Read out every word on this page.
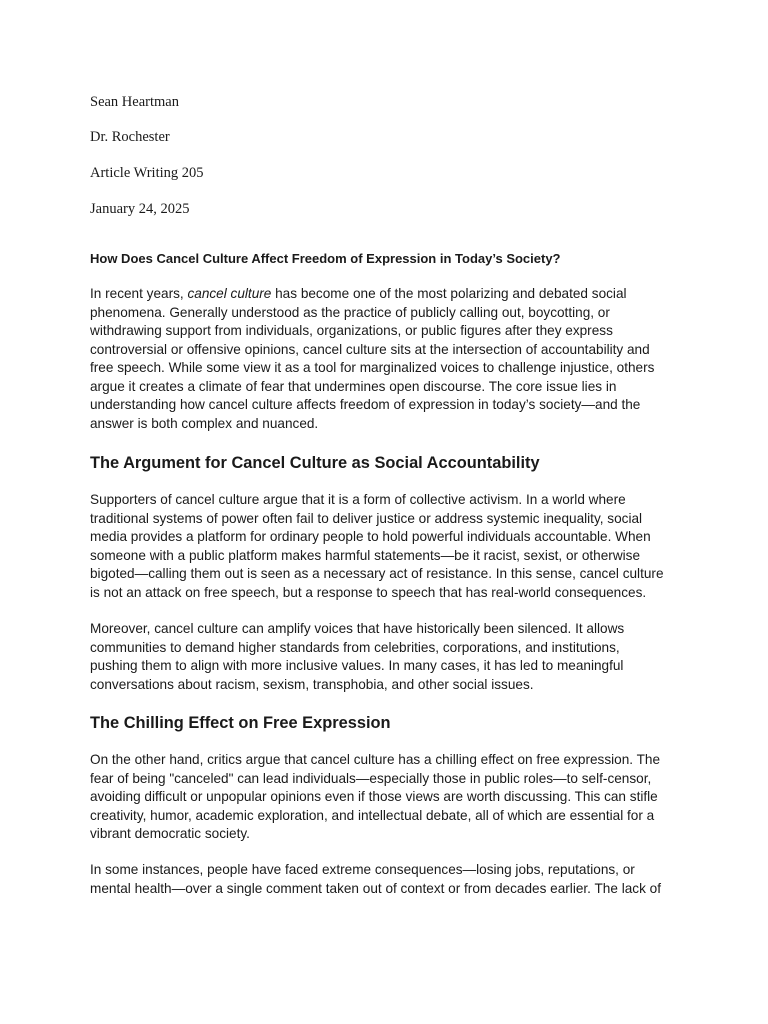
Sean Heartman
Dr. Rochester
Article Writing 205
January 24, 2025
How Does Cancel Culture Affect Freedom of Expression in Today’s Society?
In recent years, cancel culture has become one of the most polarizing and debated social
phenomena. Generally understood as the practice of publicly calling out, boycotting, or
withdrawing support from individuals, organizations, or public figures after they express
controversial or offensive opinions, cancel culture sits at the intersection of accountability and
free speech. While some view it as a tool for marginalized voices to challenge injustice, others
argue it creates a climate of fear that undermines open discourse. The core issue lies in
understanding how cancel culture affects freedom of expression in today’s society—and the
answer is both complex and nuanced.
The Argument for Cancel Culture as Social Accountability
Supporters of cancel culture argue that it is a form of collective activism. In a world where
traditional systems of power often fail to deliver justice or address systemic inequality, social
media provides a platform for ordinary people to hold powerful individuals accountable. When
someone with a public platform makes harmful statements—be it racist, sexist, or otherwise
bigoted—calling them out is seen as a necessary act of resistance. In this sense, cancel culture
is not an attack on free speech, but a response to speech that has real-world consequences.
Moreover, cancel culture can amplify voices that have historically been silenced. It allows
communities to demand higher standards from celebrities, corporations, and institutions,
pushing them to align with more inclusive values. In many cases, it has led to meaningful
conversations about racism, sexism, transphobia, and other social issues.
The Chilling Effect on Free Expression
On the other hand, critics argue that cancel culture has a chilling effect on free expression. The
fear of being "canceled" can lead individuals—especially those in public roles—to self-censor,
avoiding difficult or unpopular opinions even if those views are worth discussing. This can stifle
creativity, humor, academic exploration, and intellectual debate, all of which are essential for a
vibrant democratic society.
In some instances, people have faced extreme consequences—losing jobs, reputations, or
mental health—over a single comment taken out of context or from decades earlier. The lack of
